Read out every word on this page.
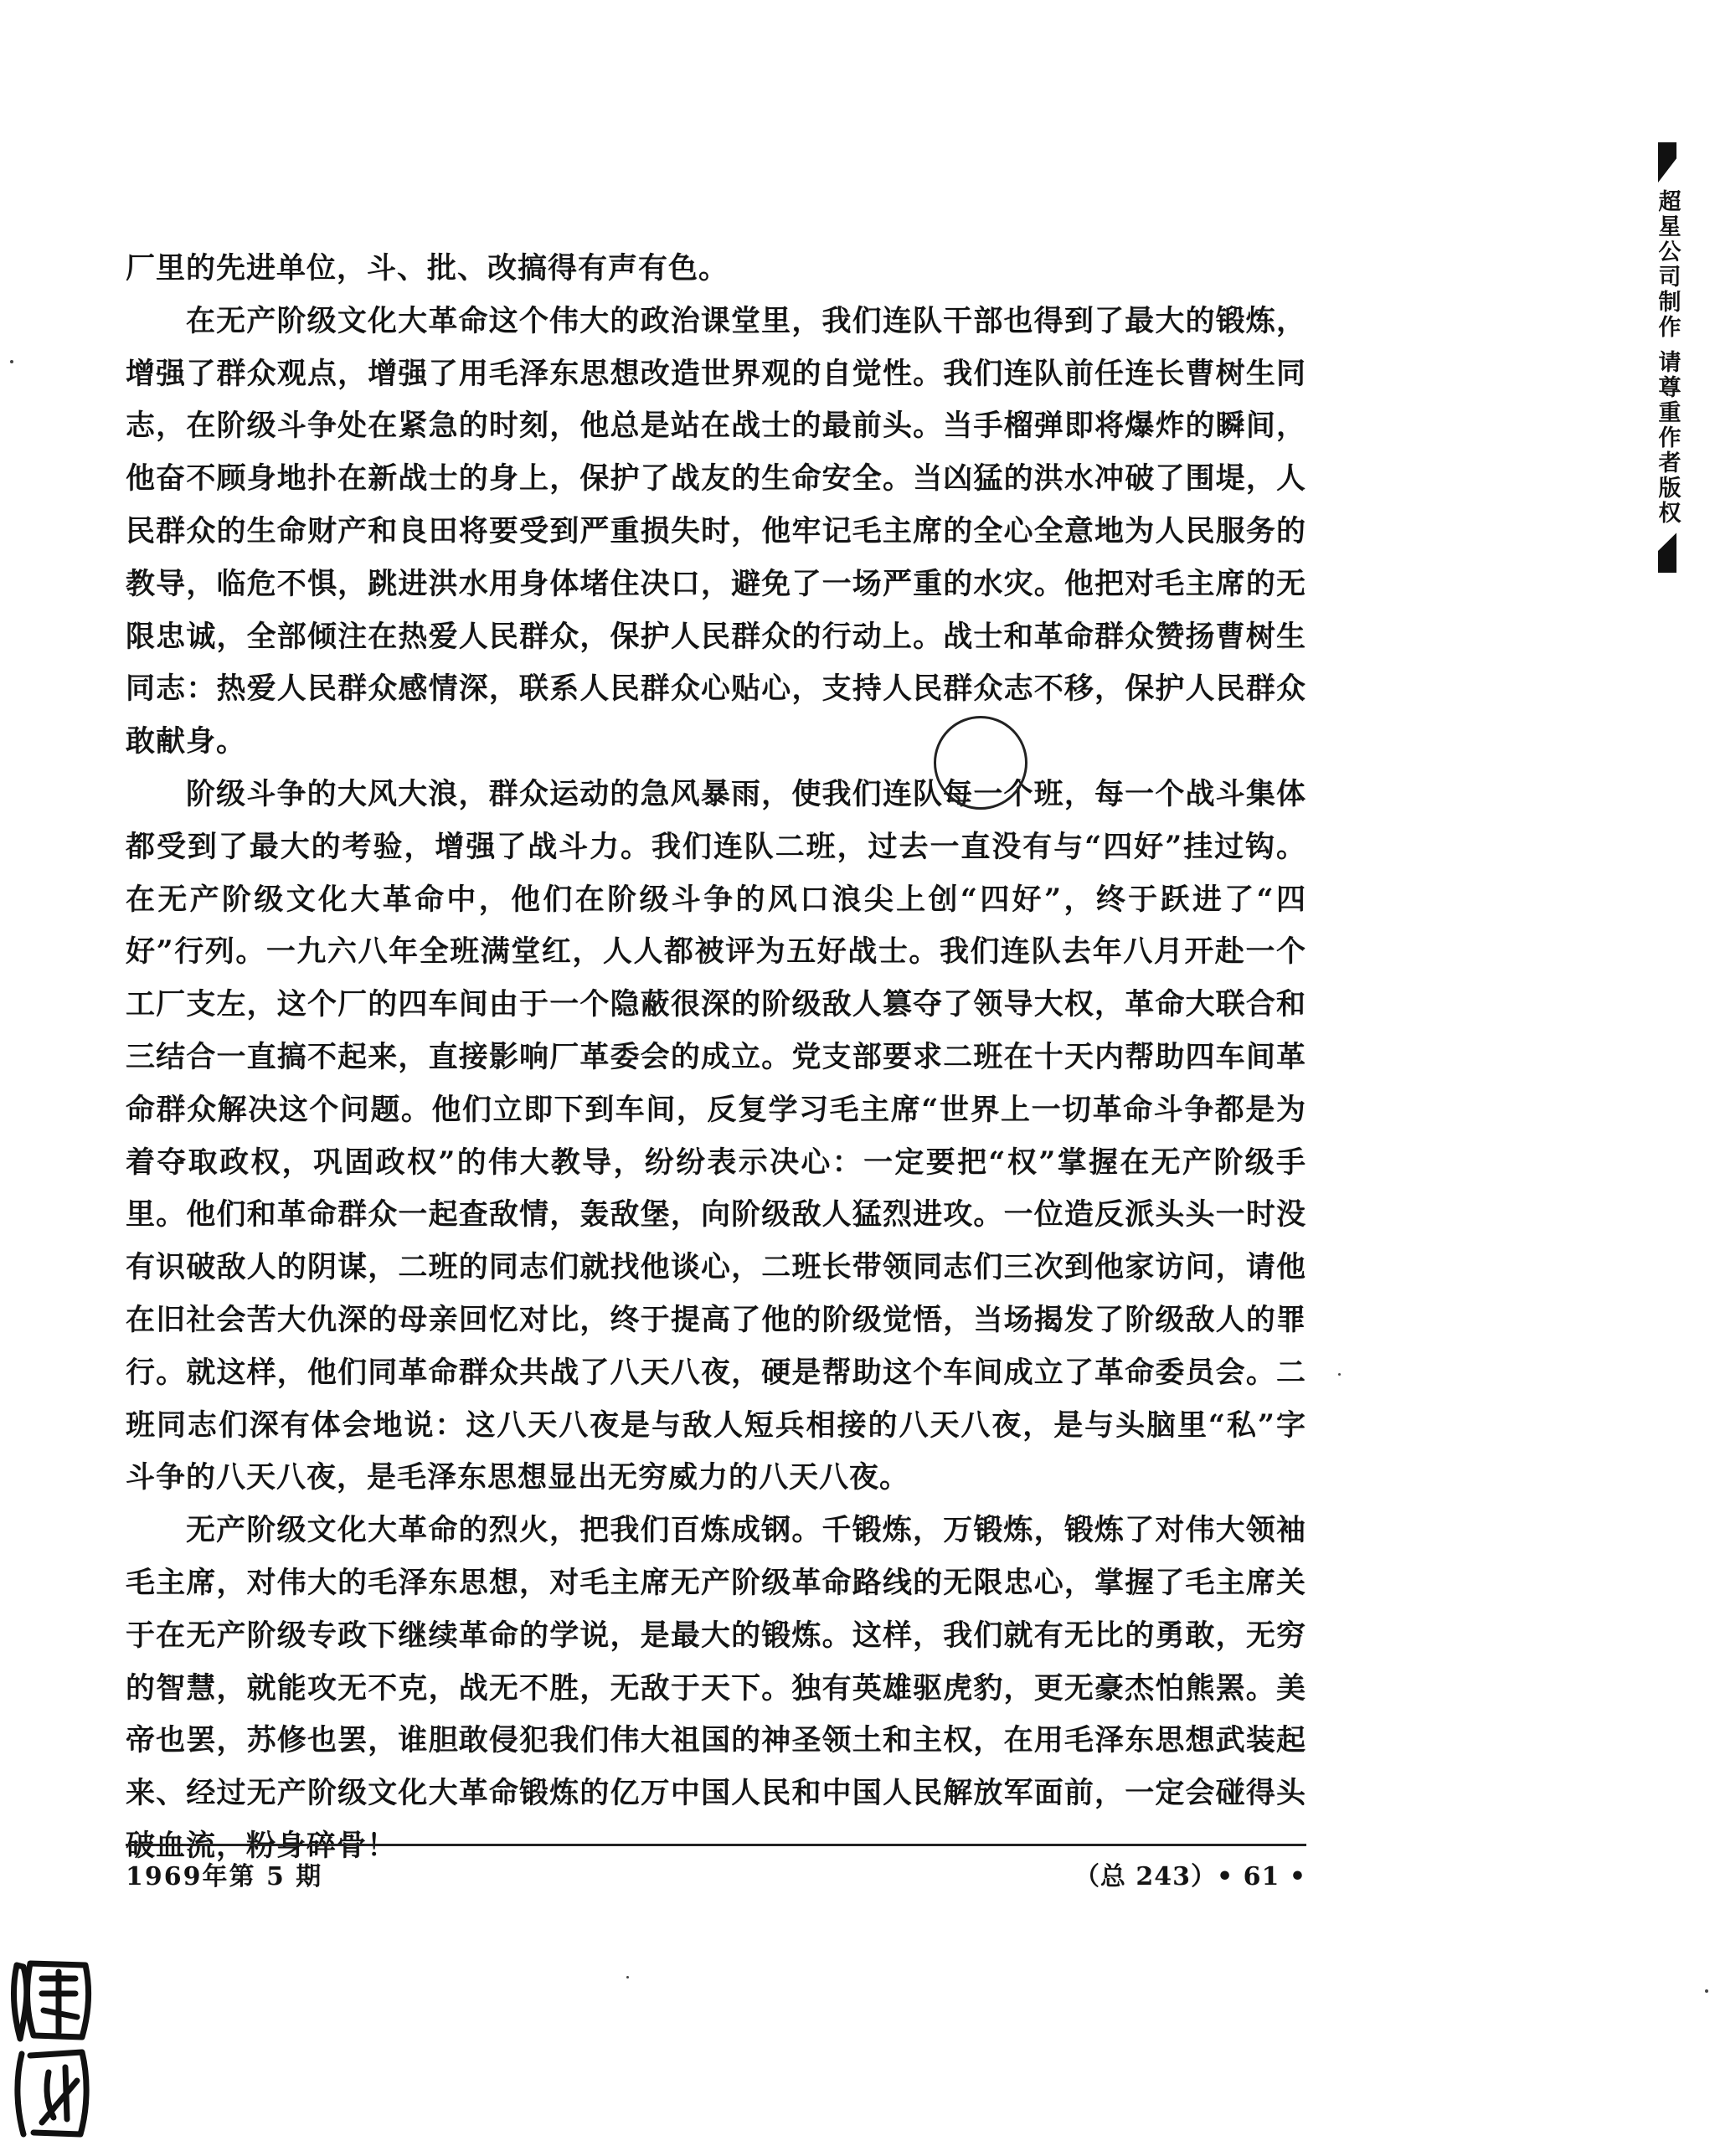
厂里的先进单位，斗、批、改搞得有声有色。

在无产阶级文化大革命这个伟大的政治课堂里，我们连队干部也得到了最大的锻炼，增强了群众观点，增强了用毛泽东思想改造世界观的自觉性。我们连队前任连长曹树生同志，在阶级斗争处在紧急的时刻，他总是站在战士的最前头。当手榴弹即将爆炸的瞬间，他奋不顾身地扑在新战士的身上，保护了战友的生命安全。当凶猛的洪水冲破了围堤，人民群众的生命财产和良田将要受到严重损失时，他牢记毛主席的全心全意地为人民服务的教导，临危不惧，跳进洪水用身体堵住决口，避免了一场严重的水灾。他把对毛主席的无限忠诚，全部倾注在热爱人民群众，保护人民群众的行动上。战士和革命群众赞扬曹树生同志：热爱人民群众感情深，联系人民群众心贴心，支持人民群众志不移，保护人民群众敢献身。

阶级斗争的大风大浪，群众运动的急风暴雨，使我们连队每一个班，每一个战斗集体都受到了最大的考验，增强了战斗力。我们连队二班，过去一直没有与“四好”挂过钩。在无产阶级文化大革命中，他们在阶级斗争的风口浪尖上创“四好”，终于跃进了“四好”行列。一九六八年全班满堂红，人人都被评为五好战士。我们连队去年八月开赴一个工厂支左，这个厂的四车间由于一个隐蔽很深的阶级敌人篡夺了领导大权，革命大联合和三结合一直搞不起来，直接影响厂革委会的成立。党支部要求二班在十天内帮助四车间革命群众解决这个问题。他们立即下到车间，反复学习毛主席“世界上一切革命斗争都是为着夺取政权，巩固政权”的伟大教导，纷纷表示决心：一定要把“权”掌握在无产阶级手里。他们和革命群众一起查敌情，轰敌堡，向阶级敌人猛烈进攻。一位造反派头头一时没有识破敌人的阴谋，二班的同志们就找他谈心，二班长带领同志们三次到他家访问，请他在旧社会苦大仇深的母亲回忆对比，终于提高了他的阶级觉悟，当场揭发了阶级敌人的罪行。就这样，他们同革命群众共战了八天八夜，硬是帮助这个车间成立了革命委员会。二班同志们深有体会地说：这八天八夜是与敌人短兵相接的八天八夜，是与头脑里“私”字斗争的八天八夜，是毛泽东思想显出无穷威力的八天八夜。

无产阶级文化大革命的烈火，把我们百炼成钢。千锻炼，万锻炼，锻炼了对伟大领袖毛主席，对伟大的毛泽东思想，对毛主席无产阶级革命路线的无限忠心，掌握了毛主席关于在无产阶级专政下继续革命的学说，是最大的锻炼。这样，我们就有无比的勇敢，无穷的智慧，就能攻无不克，战无不胜，无敌于天下。独有英雄驱虎豹，更无豪杰怕熊罴。美帝也罢，苏修也罢，谁胆敢侵犯我们伟大祖国的神圣领土和主权，在用毛泽东思想武装起来、经过无产阶级文化大革命锻炼的亿万中国人民和中国人民解放军面前，一定会碰得头破血流，粉身碎骨！

1969年第 5 期	（总 243）• 61 •
超星公司制作 请尊重作者版权
